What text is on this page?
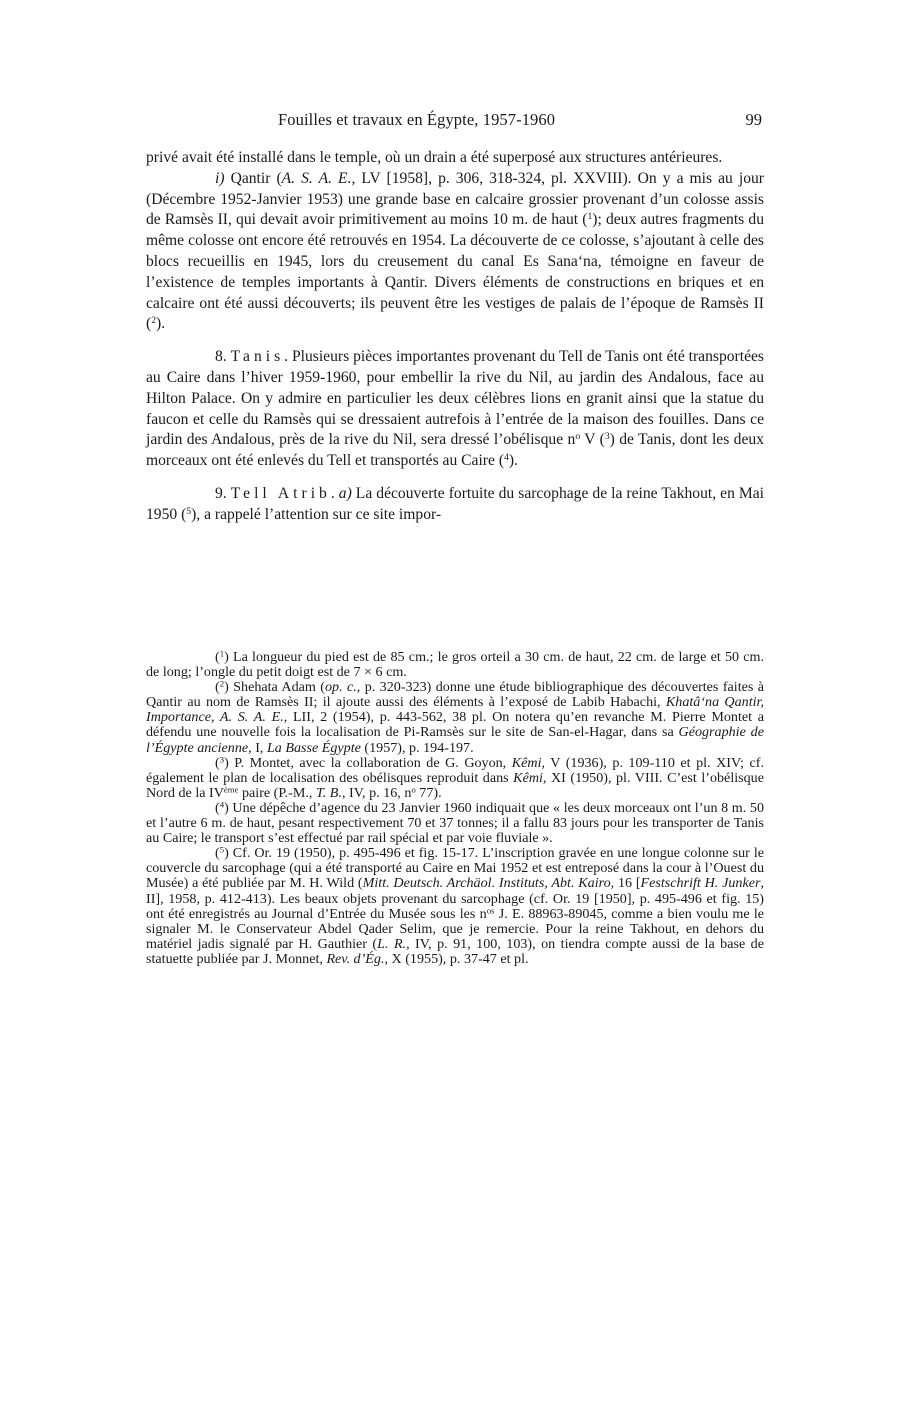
Fouilles et travaux en Égypte, 1957-1960	99

privé avait été installé dans le temple, où un drain a été superposé aux structures antérieures.

i) Qantir (A. S. A. E., LV [1958], p. 306, 318-324, pl. XXVIII). On y a mis au jour (Décembre 1952-Janvier 1953) une grande base en calcaire grossier provenant d’un colosse assis de Ramsès II, qui devait avoir primitivement au moins 10 m. de haut ($^1$); deux autres fragments du même colosse ont encore été retrouvés en 1954. La découverte de ce colosse, s’ajoutant à celle des blocs recueillis en 1945, lors du creusement du canal Es Sana‘na, témoigne en faveur de l’existence de temples importants à Qantir. Divers éléments de constructions en briques et en calcaire ont été aussi découverts; ils peuvent être les vestiges de palais de l’époque de Ramsès II ($^2$).

8. Tanis. Plusieurs pièces importantes provenant du Tell de Tanis ont été transportées au Caire dans l’hiver 1959-1960, pour embellir la rive du Nil, au jardin des Andalous, face au Hilton Palace. On y admire en particulier les deux célèbres lions en granit ainsi que la statue du faucon et celle du Ramsès qui se dressaient autrefois à l’entrée de la maison des fouilles. Dans ce jardin des Andalous, près de la rive du Nil, sera dressé l’obélisque $n^o$ V ($^3$) de Tanis, dont les deux morceaux ont été enlevés du Tell et transportés au Caire ($^4$).

9. Tell Atrib. a) La découverte fortuite du sarcophage de la reine Takhout, en Mai 1950 ($^5$), a rappelé l’attention sur ce site impor-

($^1$) La longueur du pied est de 85 cm.; le gros orteil a 30 cm. de haut, 22 cm. de large et 50 cm. de long; l’ongle du petit doigt est de 7 × 6 cm.

($^2$) Shehata Adam (op. c., p. 320-323) donne une étude bibliographique des découvertes faites à Qantir au nom de Ramsès II; il ajoute aussi des éléments à l’exposé de Labib Habachi, Khatâ‘na Qantir, Importance, A. S. A. E., LII, 2 (1954), p. 443-562, 38 pl. On notera qu’en revanche M. Pierre Montet a défendu une nouvelle fois la localisation de Pi-Ramsès sur le site de San-el-Hagar, dans sa Géographie de l’Égypte ancienne, I, La Basse Égypte (1957), p. 194-197.

($^3$) P. Montet, avec la collaboration de G. Goyon, Kêmi, V (1936), p. 109-110 et pl. XIV; cf. également le plan de localisation des obélisques reproduit dans Kêmi, XI (1950), pl. VIII. C’est l’obélisque Nord de la IVème paire (P.-M., T. B., IV, p. 16, $n^o$ 77).

($^4$) Une dépêche d’agence du 23 Janvier 1960 indiquait que « les deux morceaux ont l’un 8 m. 50 et l’autre 6 m. de haut, pesant respectivement 70 et 37 tonnes; il a fallu 83 jours pour les transporter de Tanis au Caire; le transport s’est effectué par rail spécial et par voie fluviale ».

($^5$) Cf. Or. 19 (1950), p. 495-496 et fig. 15-17. L’inscription gravée en une longue colonne sur le couvercle du sarcophage (qui a été transporté au Caire en Mai 1952 et est entreposé dans la cour à l’Ouest du Musée) a été publiée par M. H. Wild (Mitt. Deutsch. Archäol. Instituts, Abt. Kairo, 16 [Festschrift H. Junker, II], 1958, p. 412-413). Les beaux objets provenant du sarcophage (cf. Or. 19 [1950], p. 495-496 et fig. 15) ont été enregistrés au Journal d’Entrée du Musée sous les $n^{os}$ J. E. 88963-89045, comme a bien voulu me le signaler M. le Conservateur Abdel Qader Selim, que je remercie. Pour la reine Takhout, en dehors du matériel jadis signalé par H. Gauthier (L. R., IV, p. 91, 100, 103), on tiendra compte aussi de la base de statuette publiée par J. Monnet, Rev. d’Ég., X (1955), p. 37-47 et pl.
